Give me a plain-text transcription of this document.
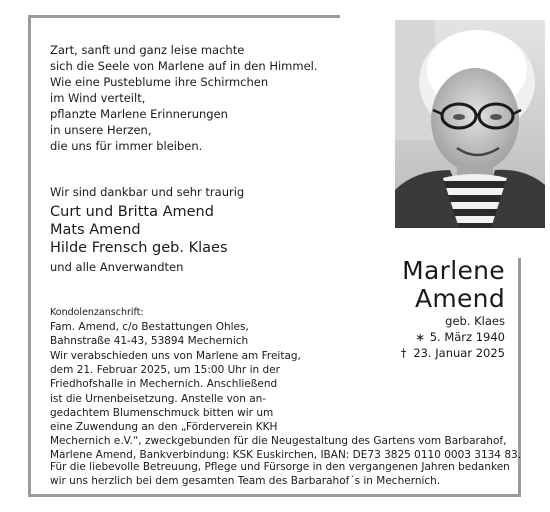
Zart, sanft und ganz leise machte
sich die Seele von Marlene auf in den Himmel.
Wie eine Pusteblume ihre Schirmchen
im Wind verteilt,
pflanzte Marlene Erinnerungen
in unsere Herzen,
die uns für immer bleiben.
Wir sind dankbar und sehr traurig
Curt und Britta Amend
Mats Amend
Hilde Frensch geb. Klaes
und alle Anverwandten	Marlene
Amend
geb. Klaes
∗ 5. März 1940
† 23. Januar 2025
Kondolenzanschrift:
Fam. Amend, c/o Bestattungen Ohles,
Bahnstraße 41-43, 53894 Mechernich
Wir verabschieden uns von Marlene am Freitag,
dem 21. Februar 2025, um 15:00 Uhr in der
Friedhofshalle in Mechernich. Anschließend
ist die Urnenbeisetzung. Anstelle von an-
gedachtem Blumenschmuck bitten wir um
eine Zuwendung an den „Förderverein KKH
Mechernich e.V.“, zweckgebunden für die Neugestaltung des Gartens vom Barbarahof,
Marlene Amend, Bankverbindung: KSK Euskirchen, IBAN: DE73 3825 0110 0003 3134 83.
Für die liebevolle Betreuung, Pflege und Fürsorge in den vergangenen Jahren bedanken
wir uns herzlich bei dem gesamten Team des Barbarahof´s in Mechernich.
